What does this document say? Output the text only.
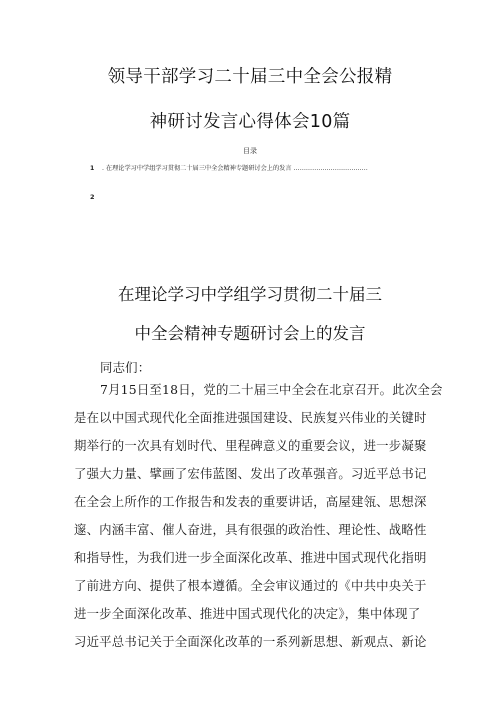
领导干部学习二十届三中全会公报精
神研讨发言心得体会10篇
目录
1 . 在理论学习中学组学习贯彻二十届三中全会精神专题研讨会上的发言 ………………………………
2
在理论学习中学组学习贯彻二十届三
中全会精神专题研讨会上的发言
同志们：
7月15日至18日，党的二十届三中全会在北京召开。此次全会
是在以中国式现代化全面推进强国建设、民族复兴伟业的关键时
期举行的一次具有划时代、里程碑意义的重要会议，进一步凝聚
了强大力量、擘画了宏伟蓝图、发出了改革强音。习近平总书记
在全会上所作的工作报告和发表的重要讲话，高屋建瓴、思想深
邃、内涵丰富、催人奋进，具有很强的政治性、理论性、战略性
和指导性，为我们进一步全面深化改革、推进中国式现代化指明
了前进方向、提供了根本遵循。全会审议通过的《中共中央关于
进一步全面深化改革、推进中国式现代化的决定》，集中体现了
习近平总书记关于全面深化改革的一系列新思想、新观点、新论
